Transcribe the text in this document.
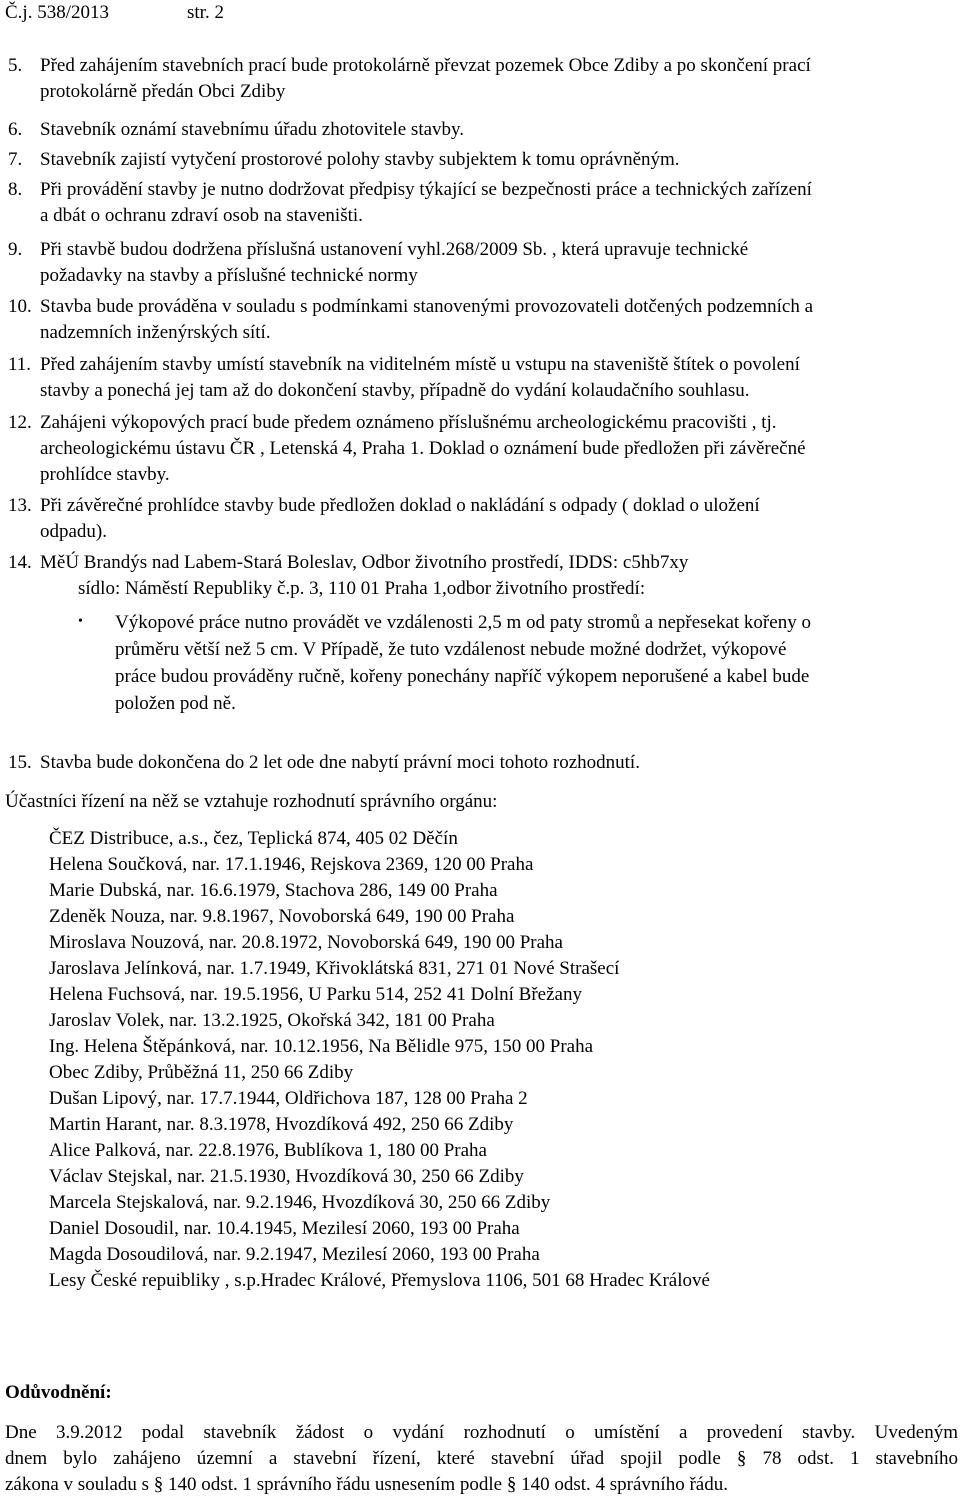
Č.j. 538/2013	str. 2
5. Před zahájením stavebních prací bude protokolárně převzat pozemek Obce Zdiby a po skončení prací
protokolárně předán Obci Zdiby
6. Stavebník oznámí stavebnímu úřadu zhotovitele stavby.
7. Stavebník zajistí vytyčení prostorové polohy stavby subjektem k tomu oprávněným.
8. Při provádění stavby je nutno dodržovat předpisy týkající se bezpečnosti práce a technických zařízení
a dbát o ochranu zdraví osob na staveništi.
9. Při stavbě budou dodržena příslušná ustanovení vyhl.268/2009 Sb. , která upravuje technické
požadavky na stavby a příslušné technické normy
10. Stavba bude prováděna v souladu s podmínkami stanovenými provozovateli dotčených podzemních a
nadzemních inženýrských sítí.
11. Před zahájením stavby umístí stavebník na viditelném místě u vstupu na staveniště štítek o povolení
stavby a ponechá jej tam až do dokončení stavby, případně do vydání kolaudačního souhlasu.
12. Zahájeni výkopových prací bude předem oznámeno příslušnému archeologickému pracovišti , tj.
archeologickému ústavu ČR , Letenská 4, Praha 1. Doklad o oznámení bude předložen při závěrečné
prohlídce stavby.
13. Při závěrečné prohlídce stavby bude předložen doklad o nakládání s odpady ( doklad o uložení
odpadu).
14. MěÚ Brandýs nad Labem-Stará Boleslav, Odbor životního prostředí, IDDS: c5hb7xy
sídlo: Náměstí Republiky č.p. 3, 110 01 Praha 1,odbor životního prostředí:
• Výkopové práce nutno provádět ve vzdálenosti 2,5 m od paty stromů a nepřesekat kořeny o
průměru větší než 5 cm. V Případě, že tuto vzdálenost nebude možné dodržet, výkopové
práce budou prováděny ručně, kořeny ponechány napříč výkopem neporušené a kabel bude
položen pod ně.
15. Stavba bude dokončena do 2 let ode dne nabytí právní moci tohoto rozhodnutí.
Účastníci řízení na něž se vztahuje rozhodnutí správního orgánu:
ČEZ Distribuce, a.s., čez, Teplická 874, 405 02 Děčín
Helena Součková, nar. 17.1.1946, Rejskova 2369, 120 00 Praha
Marie Dubská, nar. 16.6.1979, Stachova 286, 149 00 Praha
Zdeněk Nouza, nar. 9.8.1967, Novoborská 649, 190 00 Praha
Miroslava Nouzová, nar. 20.8.1972, Novoborská 649, 190 00 Praha
Jaroslava Jelínková, nar. 1.7.1949, Křivoklátská 831, 271 01 Nové Strašecí
Helena Fuchsová, nar. 19.5.1956, U Parku 514, 252 41 Dolní Břežany
Jaroslav Volek, nar. 13.2.1925, Okořská 342, 181 00 Praha
Ing. Helena Štěpánková, nar. 10.12.1956, Na Bělidle 975, 150 00 Praha
Obec Zdiby, Průběžná 11, 250 66 Zdiby
Dušan Lipový, nar. 17.7.1944, Oldřichova 187, 128 00 Praha 2
Martin Harant, nar. 8.3.1978, Hvozdíková 492, 250 66 Zdiby
Alice Palková, nar. 22.8.1976, Bublíkova 1, 180 00 Praha
Václav Stejskal, nar. 21.5.1930, Hvozdíková 30, 250 66 Zdiby
Marcela Stejskalová, nar. 9.2.1946, Hvozdíková 30, 250 66 Zdiby
Daniel Dosoudil, nar. 10.4.1945, Mezilesí 2060, 193 00 Praha
Magda Dosoudilová, nar. 9.2.1947, Mezilesí 2060, 193 00 Praha
Lesy České repuibliky , s.p.Hradec Králové, Přemyslova 1106, 501 68 Hradec Králové
Odůvodnění:
Dne 3.9.2012 podal stavebník žádost o vydání rozhodnutí o umístění a provedení stavby. Uvedeným
dnem bylo zahájeno územní a stavební řízení, které stavební úřad spojil podle § 78 odst. 1 stavebního
zákona v souladu s § 140 odst. 1 správního řádu usnesením podle § 140 odst. 4 správního řádu.
